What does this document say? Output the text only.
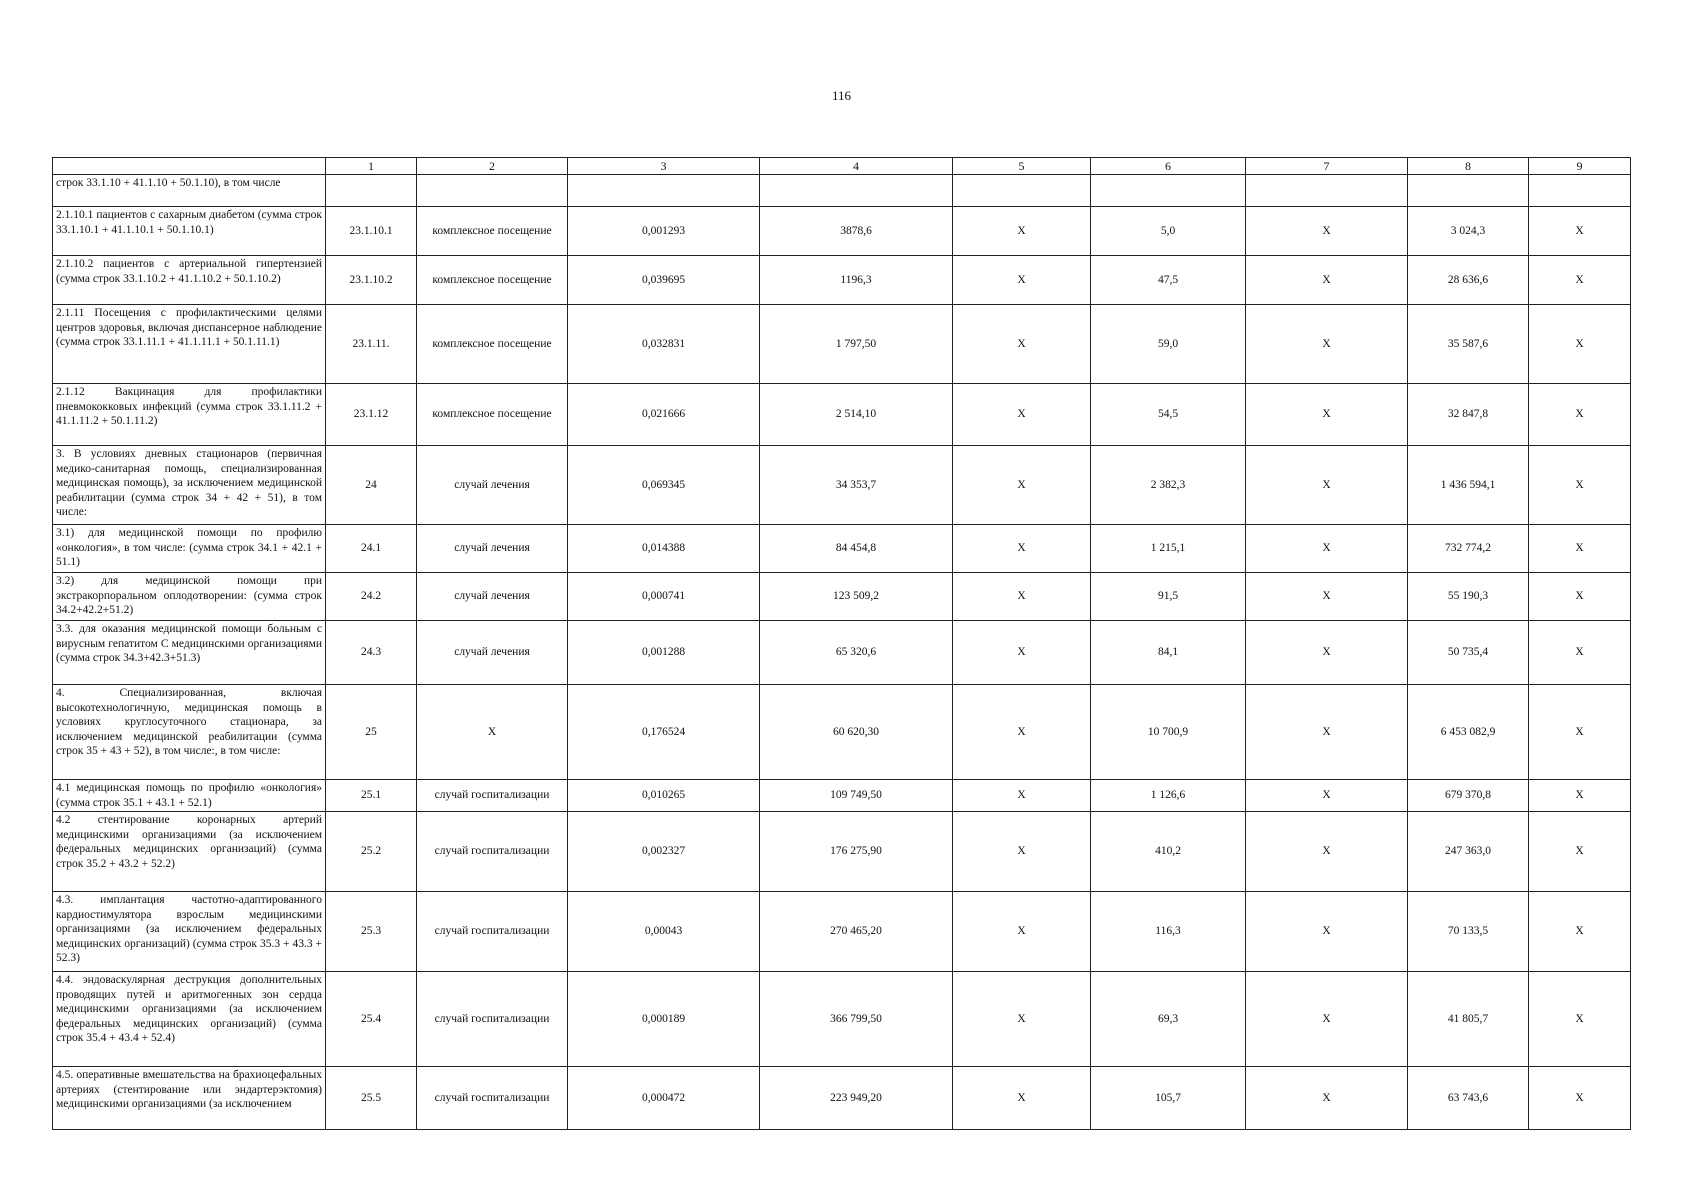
116
	1	2	3	4	5	6	7	8	9
строк 33.1.10 + 41.1.10 + 50.1.10), в том числе									
2.1.10.1 пациентов с сахарным диабетом (сумма строк 33.1.10.1 + 41.1.10.1 + 50.1.10.1)	23.1.10.1	комплексное посещение	0,001293	3878,6	X	5,0	X	3 024,3	X
2.1.10.2 пациентов с артериальной гипертензией (сумма строк 33.1.10.2 + 41.1.10.2 + 50.1.10.2)	23.1.10.2	комплексное посещение	0,039695	1196,3	X	47,5	X	28 636,6	X
2.1.11 Посещения с профилактическими целями центров здоровья, включая диспансерное наблюдение (сумма строк 33.1.11.1 + 41.1.11.1 + 50.1.11.1)	23.1.11.	комплексное посещение	0,032831	1 797,50	X	59,0	X	35 587,6	X
2.1.12 Вакцинация для профилактики пневмококковых инфекций (сумма строк 33.1.11.2 + 41.1.11.2 + 50.1.11.2)	23.1.12	комплексное посещение	0,021666	2 514,10	X	54,5	X	32 847,8	X
3. В условиях дневных стационаров (первичная медико-санитарная помощь, специализированная медицинская помощь), за исключением медицинской реабилитации (сумма строк 34 + 42 + 51), в том числе:	24	случай лечения	0,069345	34 353,7	X	2 382,3	X	1 436 594,1	X
3.1) для медицинской помощи по профилю «онкология», в том числе: (сумма строк 34.1 + 42.1 + 51.1)	24.1	случай лечения	0,014388	84 454,8	X	1 215,1	X	732 774,2	X
3.2) для медицинской помощи при экстракорпоральном оплодотворении: (сумма строк 34.2+42.2+51.2)	24.2	случай лечения	0,000741	123 509,2	X	91,5	X	55 190,3	X
3.3. для оказания медицинской помощи больным с вирусным гепатитом С медицинскими организациями (сумма строк 34.3+42.3+51.3)	24.3	случай лечения	0,001288	65 320,6	X	84,1	X	50 735,4	X
4. Специализированная, включая высокотехнологичную, медицинская помощь в условиях круглосуточного стационара, за исключением медицинской реабилитации (сумма строк 35 + 43 + 52), в том числе:, в том числе:	25	X	0,176524	60 620,30	X	10 700,9	X	6 453 082,9	X
4.1 медицинская помощь по профилю «онкология» (сумма строк 35.1 + 43.1 + 52.1)	25.1	случай госпитализации	0,010265	109 749,50	X	1 126,6	X	679 370,8	X
4.2 стентирование коронарных артерий медицинскими организациями (за исключением федеральных медицинских организаций) (сумма строк 35.2 + 43.2 + 52.2)	25.2	случай госпитализации	0,002327	176 275,90	X	410,2	X	247 363,0	X
4.3. имплантация частотно-адаптированного кардиостимулятора взрослым медицинскими организациями (за исключением федеральных медицинских организаций) (сумма строк 35.3 + 43.3 + 52.3)	25.3	случай госпитализации	0,00043	270 465,20	X	116,3	X	70 133,5	X
4.4. эндоваскулярная деструкция дополнительных проводящих путей и аритмогенных зон сердца медицинскими организациями (за исключением федеральных медицинских организаций) (сумма строк 35.4 + 43.4 + 52.4)	25.4	случай госпитализации	0,000189	366 799,50	X	69,3	X	41 805,7	X
4.5. оперативные вмешательства на брахиоцефальных артериях (стентирование или эндартерэктомия) медицинскими организациями (за исключением	25.5	случай госпитализации	0,000472	223 949,20	X	105,7	X	63 743,6	X
